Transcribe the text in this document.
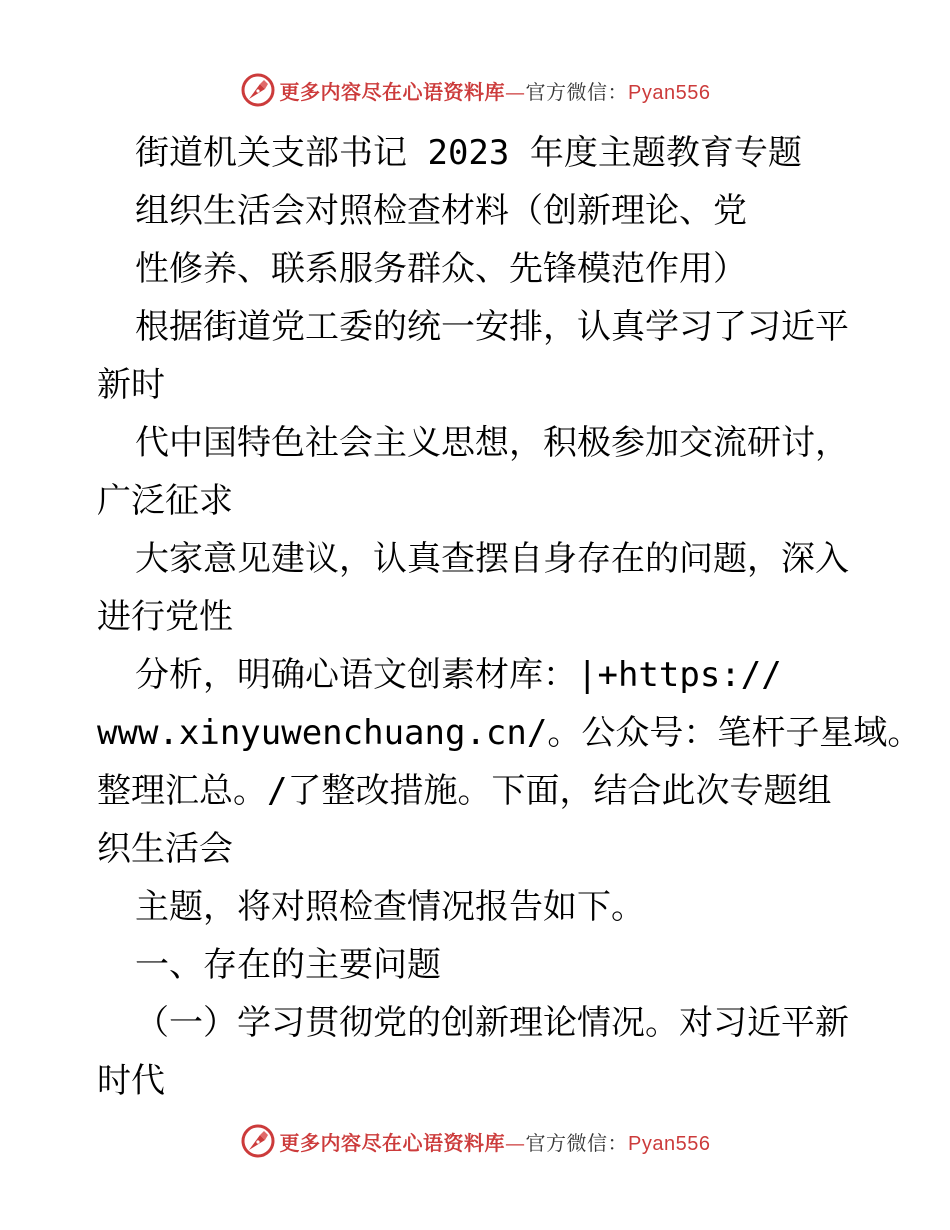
更多内容尽在心语资料库—官方微信：Pyan556
街道机关支部书记 2023 年度主题教育专题
组织生活会对照检查材料（创新理论、党
性修养、联系服务群众、先锋模范作用）
根据街道党工委的统一安排，认真学习了习近平
新时
代中国特色社会主义思想，积极参加交流研讨，
广泛征求
大家意见建议，认真查摆自身存在的问题，深入
进行党性
分析，明确心语文创素材库：|+https://
www.xinyuwenchuang.cn/。公众号：笔杆子星域。
整理汇总。/了整改措施。下面，结合此次专题组
织生活会
主题，将对照检查情况报告如下。
一、存在的主要问题
（一）学习贯彻党的创新理论情况。对习近平新
时代
更多内容尽在心语资料库—官方微信：Pyan556
